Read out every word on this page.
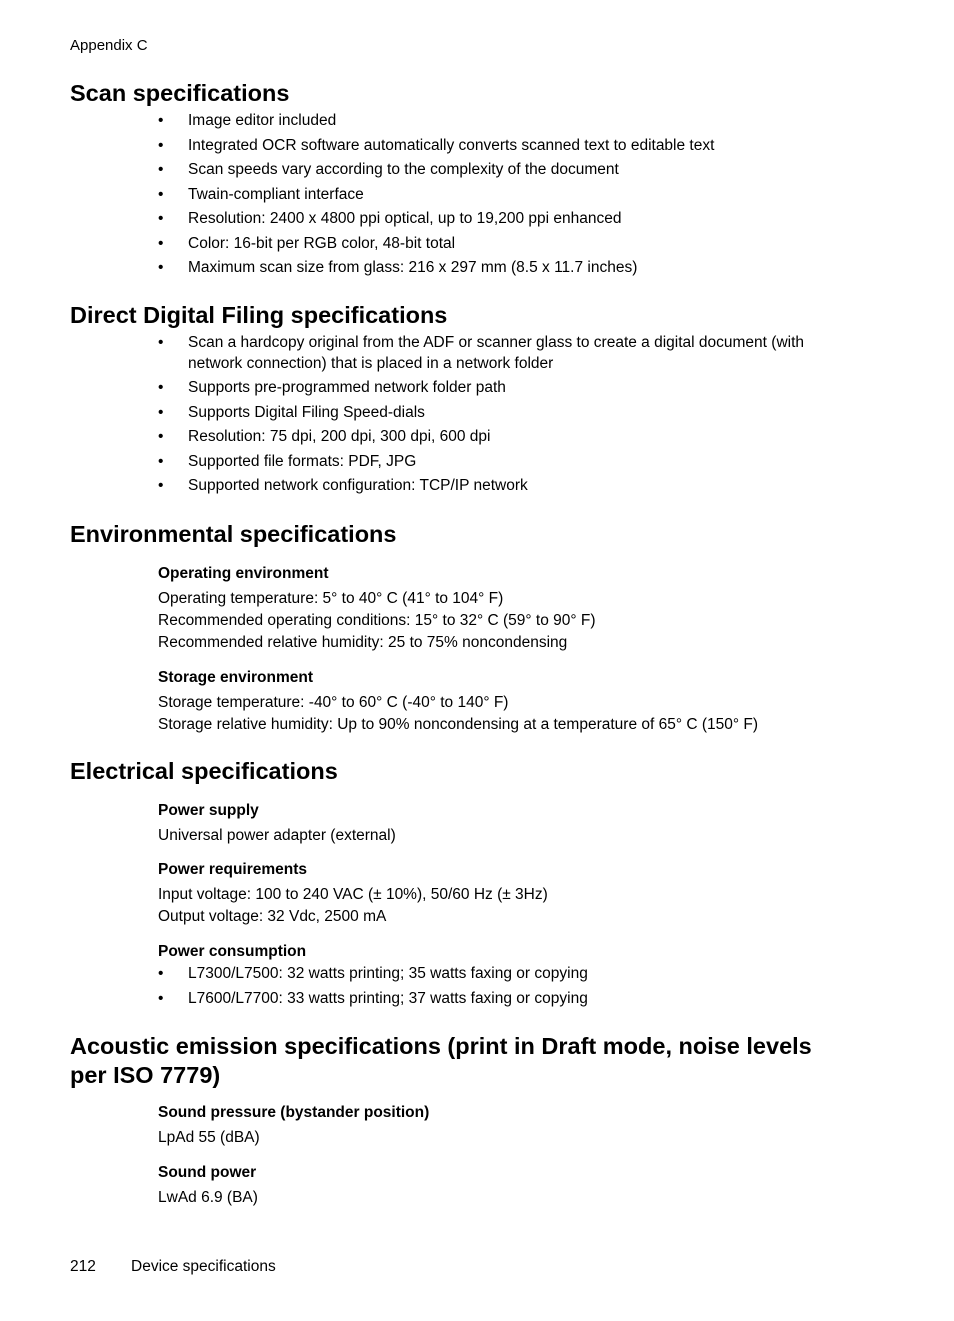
Appendix C
Scan specifications
• Image editor included
• Integrated OCR software automatically converts scanned text to editable text
• Scan speeds vary according to the complexity of the document
• Twain-compliant interface
• Resolution: 2400 x 4800 ppi optical, up to 19,200 ppi enhanced
• Color: 16-bit per RGB color, 48-bit total
• Maximum scan size from glass: 216 x 297 mm (8.5 x 11.7 inches)
Direct Digital Filing specifications
• Scan a hardcopy original from the ADF or scanner glass to create a digital document (with network connection) that is placed in a network folder
• Supports pre-programmed network folder path
• Supports Digital Filing Speed-dials
• Resolution: 75 dpi, 200 dpi, 300 dpi, 600 dpi
• Supported file formats: PDF, JPG
• Supported network configuration: TCP/IP network
Environmental specifications
Operating environment
Operating temperature: 5° to 40° C (41° to 104° F)
Recommended operating conditions: 15° to 32° C (59° to 90° F)
Recommended relative humidity: 25 to 75% noncondensing
Storage environment
Storage temperature: -40° to 60° C (-40° to 140° F)
Storage relative humidity: Up to 90% noncondensing at a temperature of 65° C (150° F)
Electrical specifications
Power supply
Universal power adapter (external)
Power requirements
Input voltage: 100 to 240 VAC (± 10%), 50/60 Hz (± 3Hz)
Output voltage: 32 Vdc, 2500 mA
Power consumption
• L7300/L7500: 32 watts printing; 35 watts faxing or copying
• L7600/L7700: 33 watts printing; 37 watts faxing or copying
Acoustic emission specifications (print in Draft mode, noise levels
per ISO 7779)
Sound pressure (bystander position)
LpAd 55 (dBA)
Sound power
LwAd 6.9 (BA)
212 Device specifications
